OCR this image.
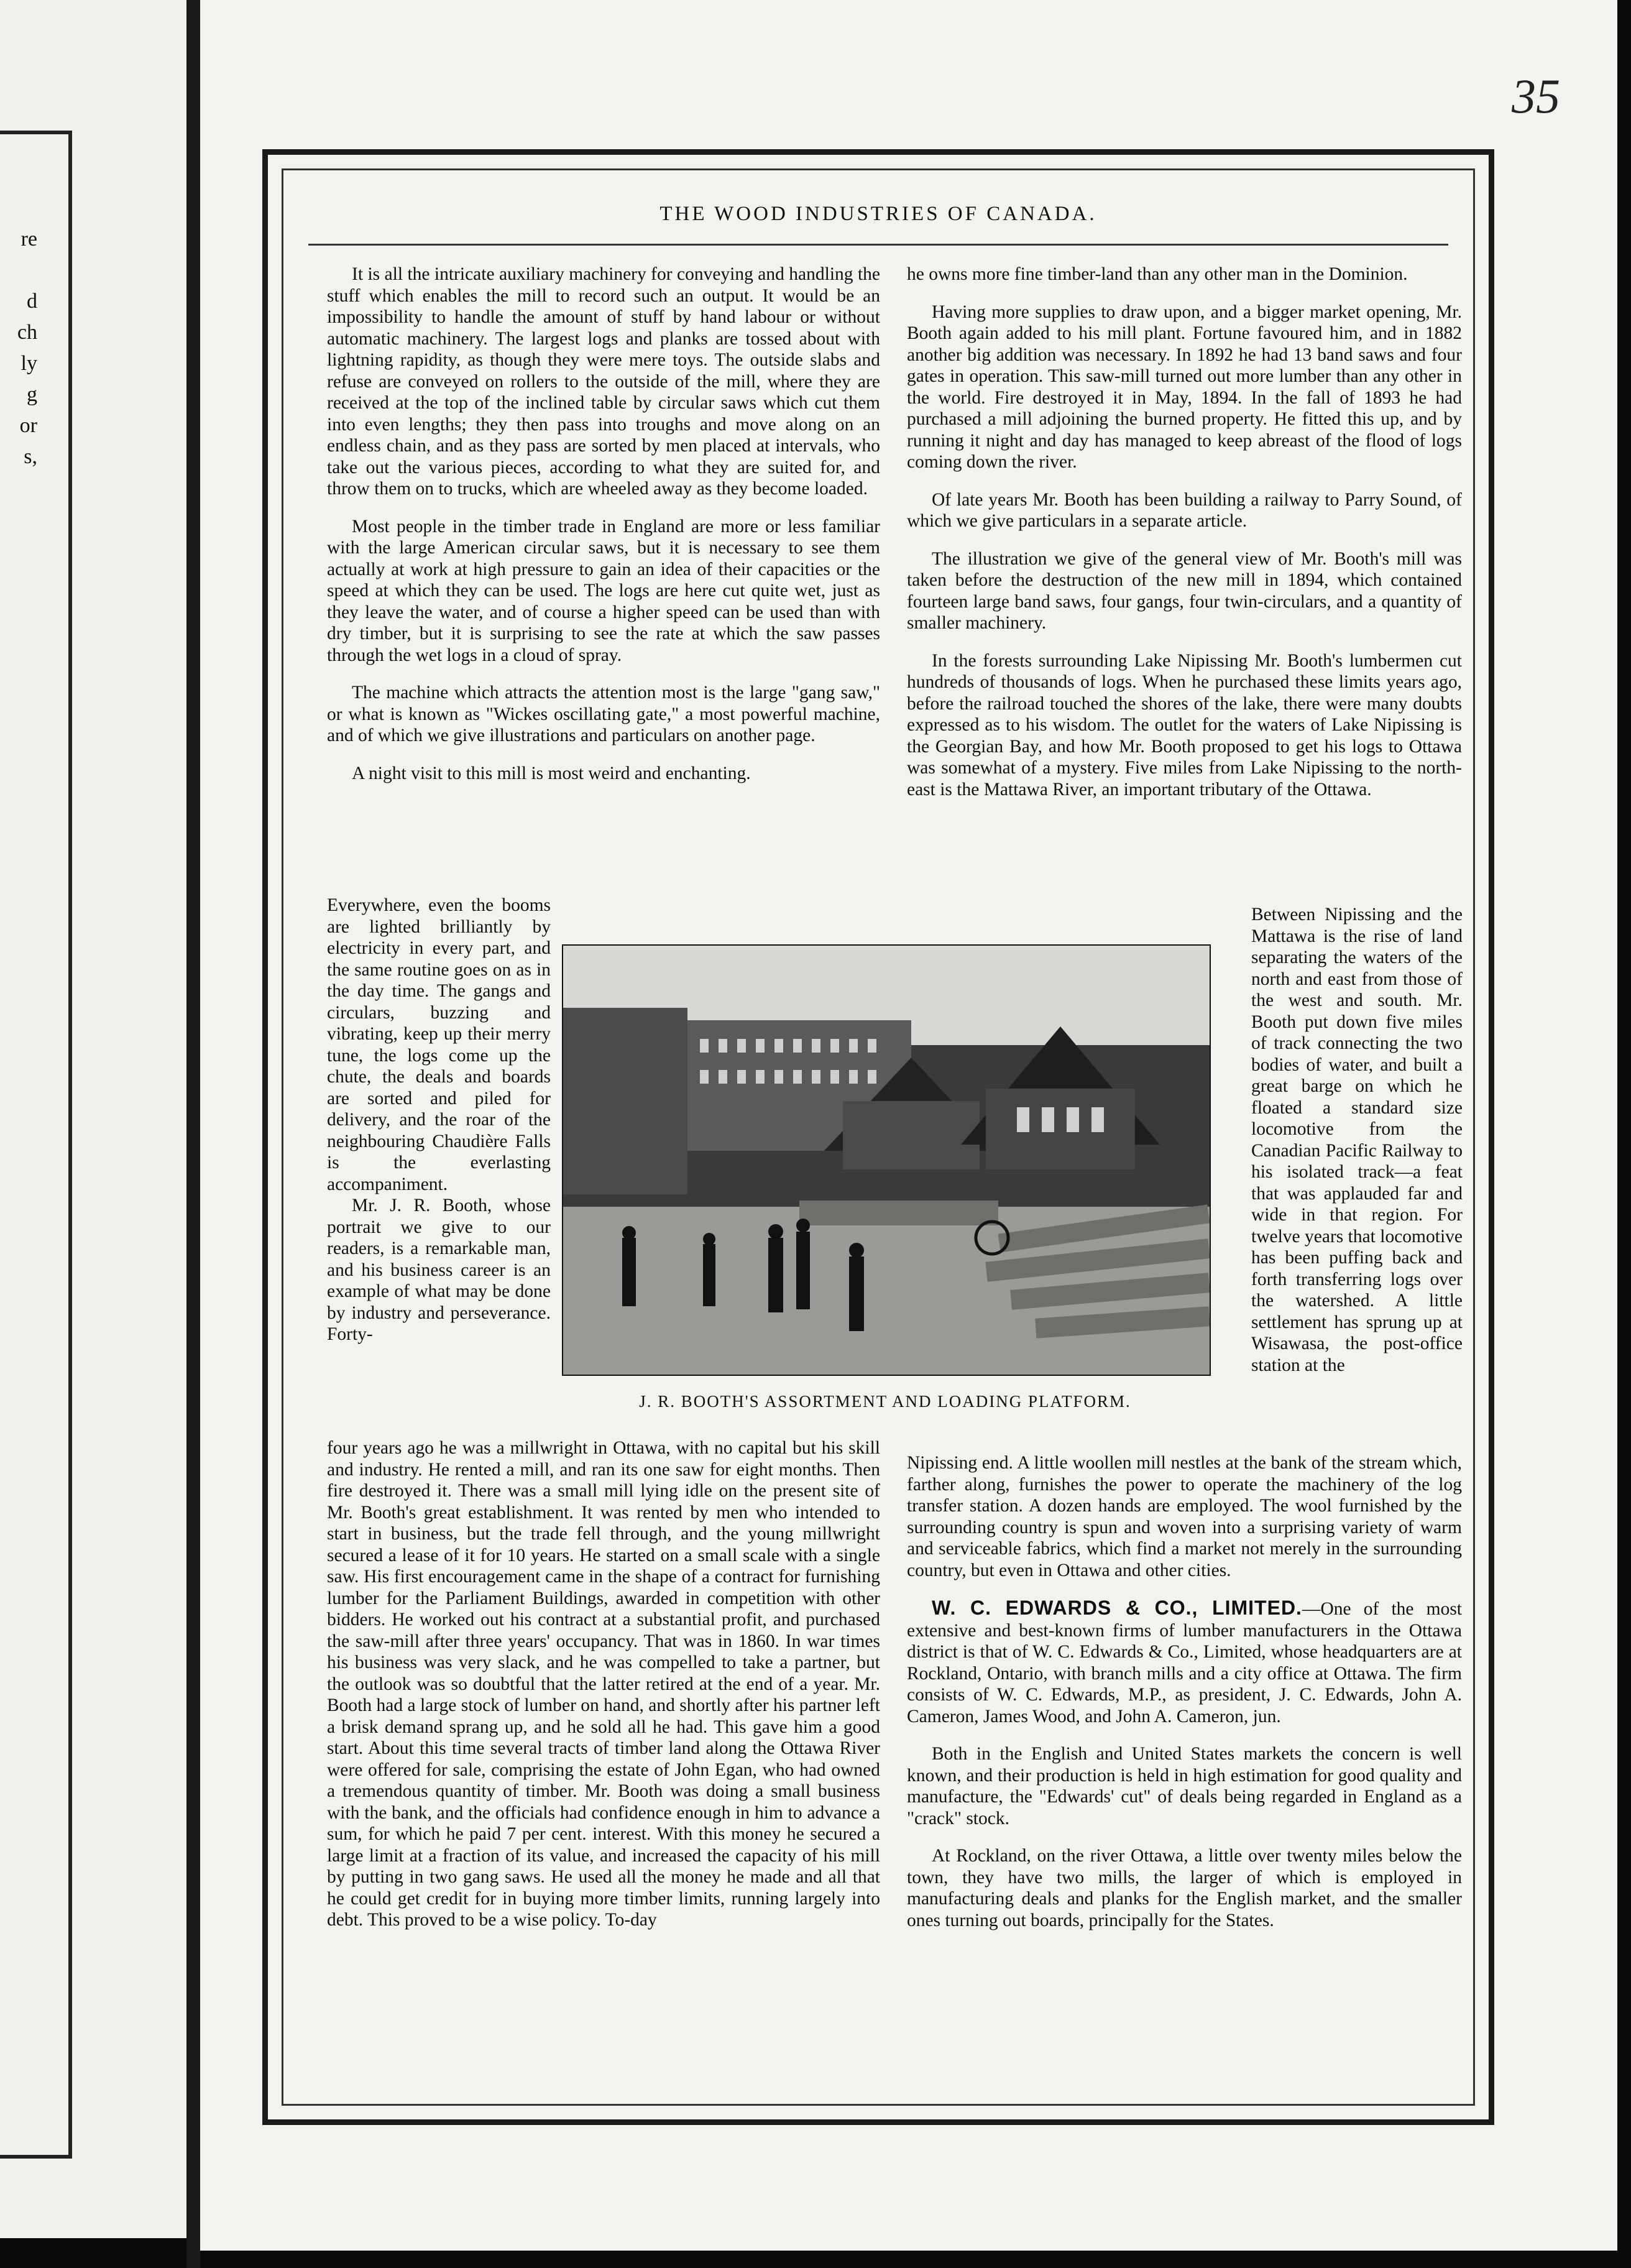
re

d
ch
ly
g
or
s,
35
THE WOOD INDUSTRIES OF CANADA.

It is all the intricate auxiliary machinery for conveying and handling the stuff which enables the mill to record such an output. It would be an impossibility to handle the amount of stuff by hand labour or without automatic machinery. The largest logs and planks are tossed about with lightning rapidity, as though they were mere toys. The outside slabs and refuse are conveyed on rollers to the outside of the mill, where they are received at the top of the inclined table by circular saws which cut them into even lengths; they then pass into troughs and move along on an endless chain, and as they pass are sorted by men placed at intervals, who take out the various pieces, according to what they are suited for, and throw them on to trucks, which are wheeled away as they become loaded.

Most people in the timber trade in England are more or less familiar with the large American circular saws, but it is necessary to see them actually at work at high pressure to gain an idea of their capacities or the speed at which they can be used. The logs are here cut quite wet, just as they leave the water, and of course a higher speed can be used than with dry timber, but it is surprising to see the rate at which the saw passes through the wet logs in a cloud of spray.

The machine which attracts the attention most is the large "gang saw," or what is known as "Wickes oscillating gate," a most powerful machine, and of which we give illustrations and particulars on another page.

A night visit to this mill is most weird and enchanting.

Everywhere, even the booms are lighted brilliantly by electricity in every part, and the same routine goes on as in the day time. The gangs and circulars, buzzing and vibrating, keep up their merry tune, the logs come up the chute, the deals and boards are sorted and piled for delivery, and the roar of the neighbouring Chaudière Falls is the everlasting accompaniment.

Mr. J. R. Booth, whose portrait we give to our readers, is a remarkable man, and his business career is an example of what may be done by industry and perseverance. Forty-

J. R. BOOTH'S ASSORTMENT AND LOADING PLATFORM.

he owns more fine timber-land than any other man in the Dominion.

Having more supplies to draw upon, and a bigger market opening, Mr. Booth again added to his mill plant. Fortune favoured him, and in 1882 another big addition was necessary. In 1892 he had 13 band saws and four gates in operation. This saw-mill turned out more lumber than any other in the world. Fire destroyed it in May, 1894. In the fall of 1893 he had purchased a mill adjoining the burned property. He fitted this up, and by running it night and day has managed to keep abreast of the flood of logs coming down the river.

Of late years Mr. Booth has been building a railway to Parry Sound, of which we give particulars in a separate article.

The illustration we give of the general view of Mr. Booth's mill was taken before the destruction of the new mill in 1894, which contained fourteen large band saws, four gangs, four twin-circulars, and a quantity of smaller machinery.

In the forests surrounding Lake Nipissing Mr. Booth's lumbermen cut hundreds of thousands of logs. When he purchased these limits years ago, before the railroad touched the shores of the lake, there were many doubts expressed as to his wisdom. The outlet for the waters of Lake Nipissing is the Georgian Bay, and how Mr. Booth proposed to get his logs to Ottawa was somewhat of a mystery. Five miles from Lake Nipissing to the north-east is the Mattawa River, an important tributary of the Ottawa.

Between Nipissing and the Mattawa is the rise of land separating the waters of the north and east from those of the west and south. Mr. Booth put down five miles of track connecting the two bodies of water, and built a great barge on which he floated a standard size locomotive from the Canadian Pacific Railway to his isolated track—a feat that was applauded far and wide in that region. For twelve years that locomotive has been puffing back and forth transferring logs over the watershed. A little settlement has sprung up at Wisawasa, the post-office station at the
four years ago he was a millwright in Ottawa, with no capital but his skill and industry. He rented a mill, and ran its one saw for eight months. Then fire destroyed it. There was a small mill lying idle on the present site of Mr. Booth's great establishment. It was rented by men who intended to start in business, but the trade fell through, and the young millwright secured a lease of it for 10 years. He started on a small scale with a single saw. His first encouragement came in the shape of a contract for furnishing lumber for the Parliament Buildings, awarded in competition with other bidders. He worked out his contract at a substantial profit, and purchased the saw-mill after three years' occupancy. That was in 1860. In war times his business was very slack, and he was compelled to take a partner, but the outlook was so doubtful that the latter retired at the end of a year. Mr. Booth had a large stock of lumber on hand, and shortly after his partner left a brisk demand sprang up, and he sold all he had. This gave him a good start. About this time several tracts of timber land along the Ottawa River were offered for sale, comprising the estate of John Egan, who had owned a tremendous quantity of timber. Mr. Booth was doing a small business with the bank, and the officials had confidence enough in him to advance a sum, for which he paid 7 per cent. interest. With this money he secured a large limit at a fraction of its value, and increased the capacity of his mill by putting in two gang saws. He used all the money he made and all that he could get credit for in buying more timber limits, running largely into debt. This proved to be a wise policy. To-day

Nipissing end. A little woollen mill nestles at the bank of the stream which, farther along, furnishes the power to operate the machinery of the log transfer station. A dozen hands are employed. The wool furnished by the surrounding country is spun and woven into a surprising variety of warm and serviceable fabrics, which find a market not merely in the surrounding country, but even in Ottawa and other cities.

W. C. EDWARDS & CO., LIMITED.—One of the most extensive and best-known firms of lumber manufacturers in the Ottawa district is that of W. C. Edwards & Co., Limited, whose headquarters are at Rockland, Ontario, with branch mills and a city office at Ottawa. The firm consists of W. C. Edwards, M.P., as president, J. C. Edwards, John A. Cameron, James Wood, and John A. Cameron, jun.

Both in the English and United States markets the concern is well known, and their production is held in high estimation for good quality and manufacture, the "Edwards' cut" of deals being regarded in England as a "crack" stock.

At Rockland, on the river Ottawa, a little over twenty miles below the town, they have two mills, the larger of which is employed in manufacturing deals and planks for the English market, and the smaller ones turning out boards, principally for the States.
